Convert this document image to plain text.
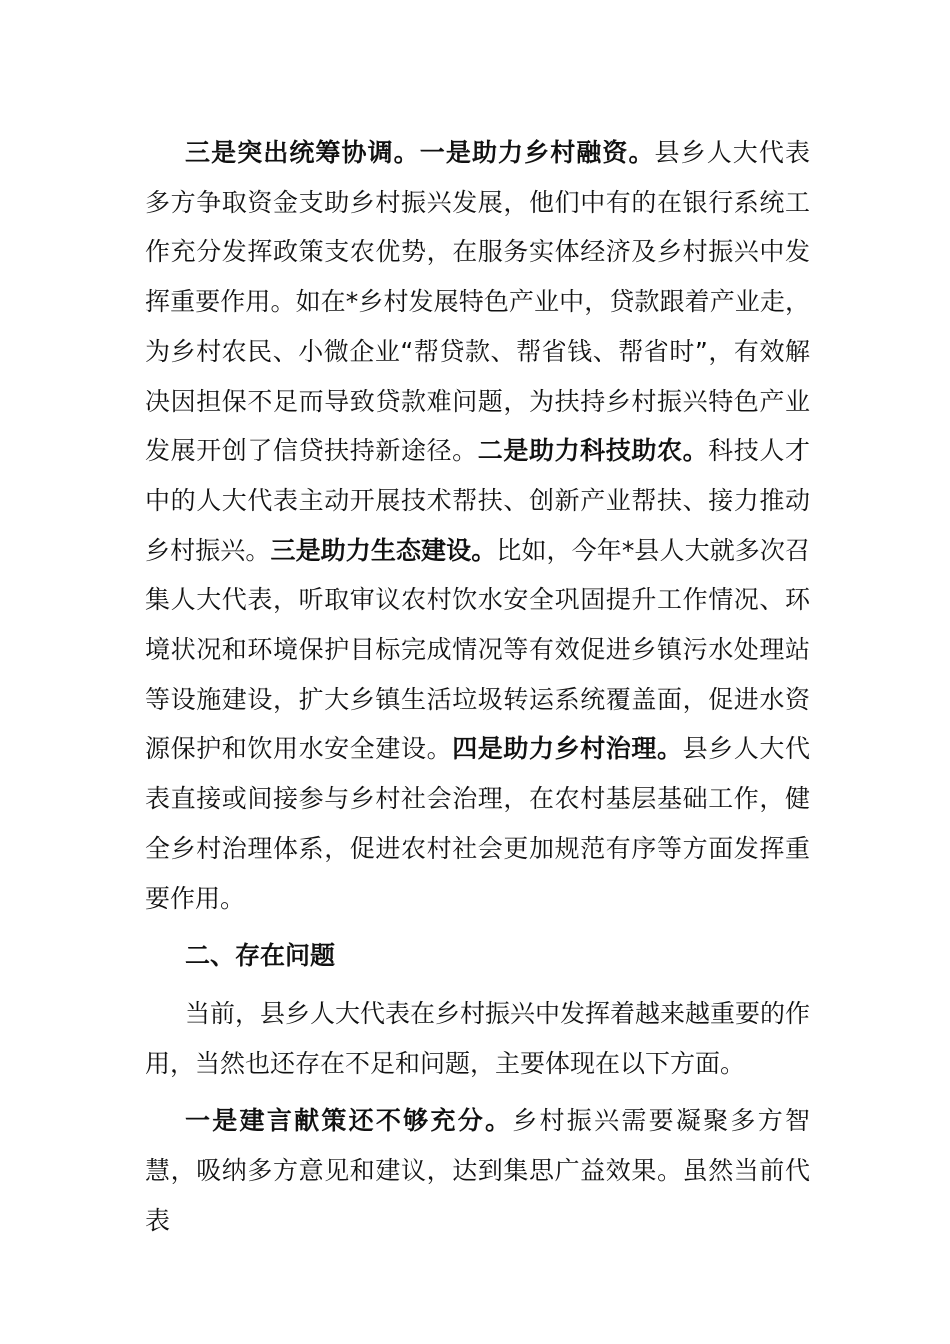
三是突出统筹协调。一是助力乡村融资。县乡人大代表多方争取资金支助乡村振兴发展，他们中有的在银行系统工作充分发挥政策支农优势，在服务实体经济及乡村振兴中发挥重要作用。如在*乡村发展特色产业中，贷款跟着产业走，为乡村农民、小微企业“帮贷款、帮省钱、帮省时”，有效解决因担保不足而导致贷款难问题，为扶持乡村振兴特色产业发展开创了信贷扶持新途径。二是助力科技助农。科技人才中的人大代表主动开展技术帮扶、创新产业帮扶、接力推动乡村振兴。三是助力生态建设。比如，今年*县人大就多次召集人大代表，听取审议农村饮水安全巩固提升工作情况、环境状况和环境保护目标完成情况等有效促进乡镇污水处理站等设施建设，扩大乡镇生活垃圾转运系统覆盖面，促进水资源保护和饮用水安全建设。四是助力乡村治理。县乡人大代表直接或间接参与乡村社会治理，在农村基层基础工作，健全乡村治理体系，促进农村社会更加规范有序等方面发挥重要作用。

二、存在问题

当前，县乡人大代表在乡村振兴中发挥着越来越重要的作用，当然也还存在不足和问题，主要体现在以下方面。

一是建言献策还不够充分。乡村振兴需要凝聚多方智慧，吸纳多方意见和建议，达到集思广益效果。虽然当前代表
